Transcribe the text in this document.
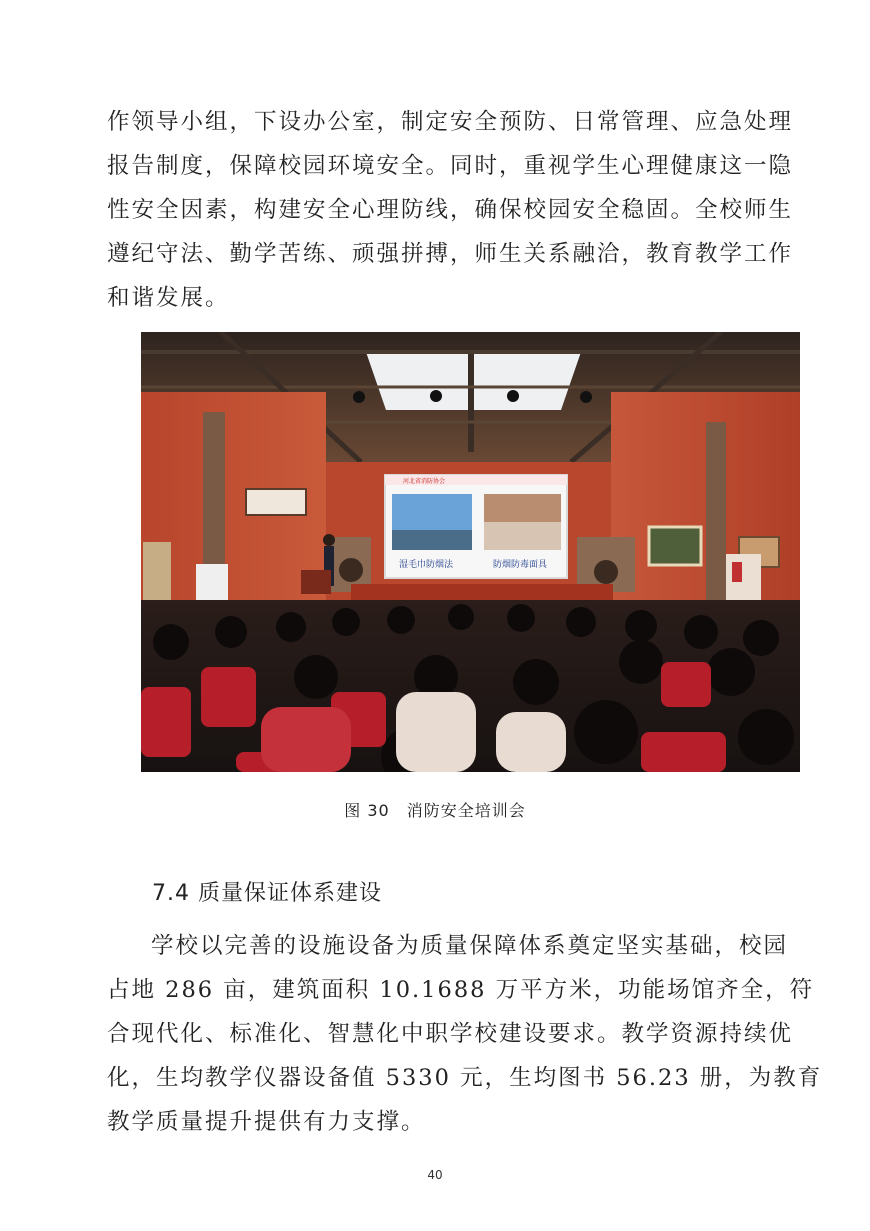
作领导小组，下设办公室，制定安全预防、日常管理、应急处理
报告制度，保障校园环境安全。同时，重视学生心理健康这一隐
性安全因素，构建安全心理防线，确保校园安全稳固。全校师生
遵纪守法、勤学苦练、顽强拼搏，师生关系融洽，教育教学工作
和谐发展。
河北省消防协会
湿毛巾防烟法	防烟防毒面具
图 30　消防安全培训会
7.4 质量保证体系建设
学校以完善的设施设备为质量保障体系奠定坚实基础，校园
占地 286 亩，建筑面积 10.1688 万平方米，功能场馆齐全，符
合现代化、标准化、智慧化中职学校建设要求。教学资源持续优
化，生均教学仪器设备值 5330 元，生均图书 56.23 册，为教育
教学质量提升提供有力支撑。
40
